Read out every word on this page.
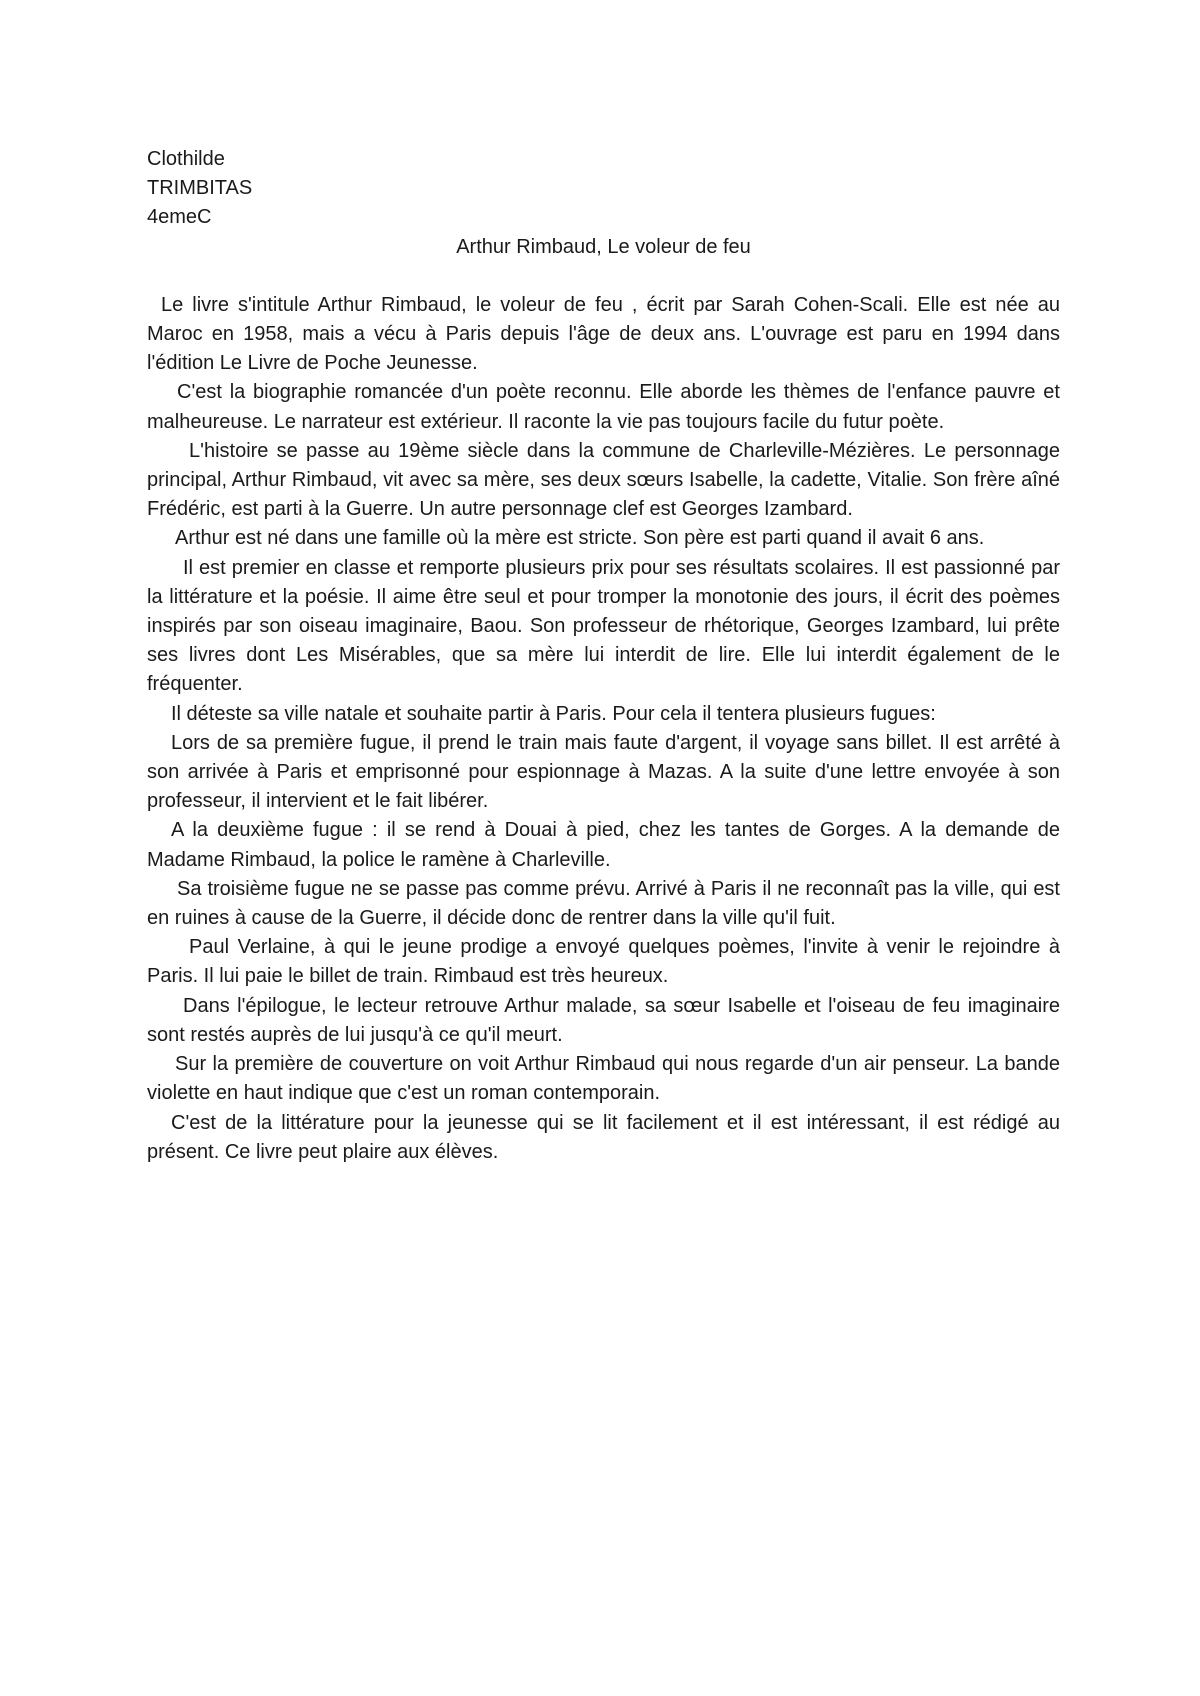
Clothilde
TRIMBITAS
4emeC
Arthur Rimbaud, Le voleur de feu

Le livre s'intitule Arthur Rimbaud, le voleur de feu , écrit par Sarah Cohen-Scali. Elle est née au Maroc en 1958, mais a vécu à Paris depuis l'âge de deux ans. L'ouvrage est paru en 1994 dans l'édition Le Livre de Poche Jeunesse.

C'est la biographie romancée d'un poète reconnu. Elle aborde les thèmes de l'enfance pauvre et malheureuse. Le narrateur est extérieur. Il raconte la vie pas toujours facile du futur poète.

L'histoire se passe au 19ème siècle dans la commune de Charleville-Mézières. Le personnage principal, Arthur Rimbaud, vit avec sa mère, ses deux sœurs Isabelle, la cadette, Vitalie. Son frère aîné Frédéric, est parti à la Guerre. Un autre personnage clef est Georges Izambard.

Arthur est né dans une famille où la mère est stricte. Son père est parti quand il avait 6 ans.

Il est premier en classe et remporte plusieurs prix pour ses résultats scolaires. Il est passionné par la littérature et la poésie. Il aime être seul et pour tromper la monotonie des jours, il écrit des poèmes inspirés par son oiseau imaginaire, Baou. Son professeur de rhétorique, Georges Izambard, lui prête ses livres dont Les Misérables, que sa mère lui interdit de lire. Elle lui interdit également de le fréquenter.

Il déteste sa ville natale et souhaite partir à Paris. Pour cela il tentera plusieurs fugues:

Lors de sa première fugue, il prend le train mais faute d'argent, il voyage sans billet. Il est arrêté à son arrivée à Paris et emprisonné pour espionnage à Mazas. A la suite d'une lettre envoyée à son professeur, il intervient et le fait libérer.

A la deuxième fugue : il se rend à Douai à pied, chez les tantes de Gorges. A la demande de Madame Rimbaud, la police le ramène à Charleville.

Sa troisième fugue ne se passe pas comme prévu. Arrivé à Paris il ne reconnaît pas la ville, qui est en ruines à cause de la Guerre, il décide donc de rentrer dans la ville qu'il fuit.

Paul Verlaine, à qui le jeune prodige a envoyé quelques poèmes, l'invite à venir le rejoindre à Paris. Il lui paie le billet de train. Rimbaud est très heureux.

Dans l'épilogue, le lecteur retrouve Arthur malade, sa sœur Isabelle et l'oiseau de feu imaginaire sont restés auprès de lui jusqu'à ce qu'il meurt.

Sur la première de couverture on voit Arthur Rimbaud qui nous regarde d'un air penseur. La bande violette en haut indique que c'est un roman contemporain.

C'est de la littérature pour la jeunesse qui se lit facilement et il est intéressant, il est rédigé au présent. Ce livre peut plaire aux élèves.
